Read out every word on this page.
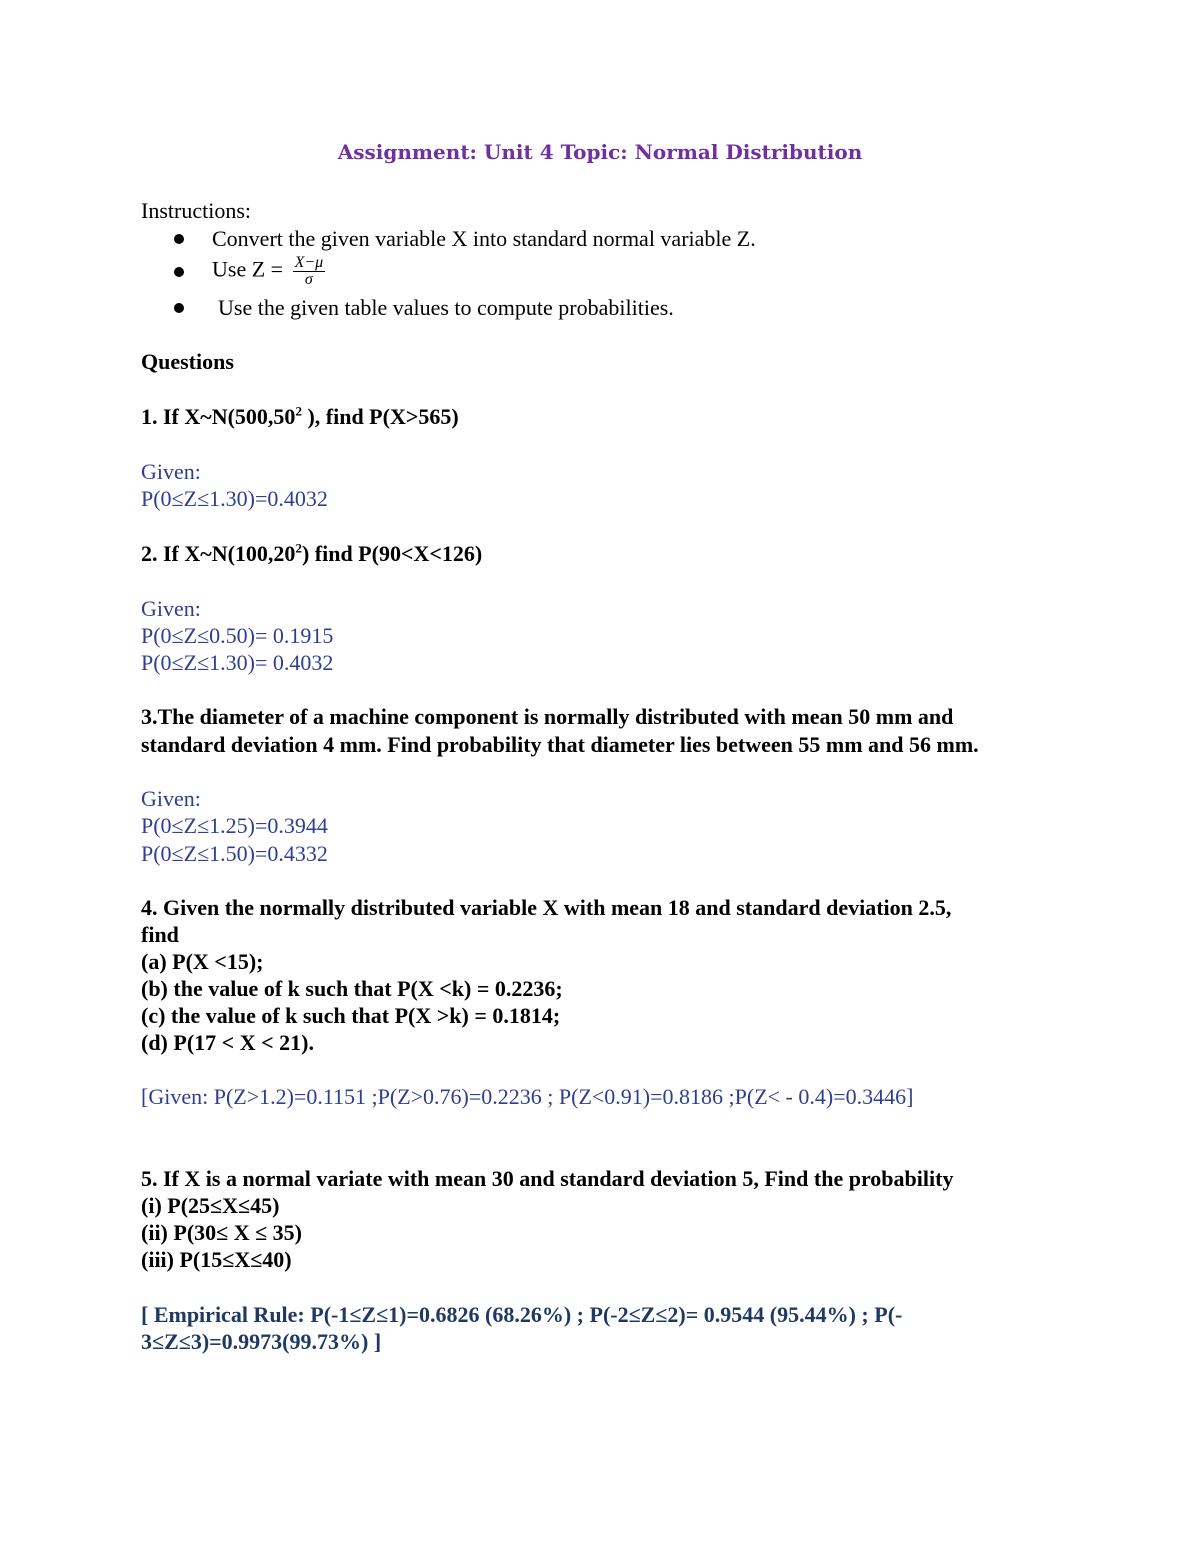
Assignment: Unit 4 Topic: Normal Distribution
Instructions:
Convert the given variable X into standard normal variable Z.
Use $Z = \frac{X-\mu}{\sigma}$
Use the given table values to compute probabilities.
Questions
1. If X~N(500,50$^2$ ), find P(X>565)
Given:
P(0≤Z≤1.30)=0.4032
2. If X~N(100,20$^2$) find P(90<X<126)
Given:
P(0≤Z≤0.50)= 0.1915
P(0≤Z≤1.30)= 0.4032
3.The diameter of a machine component is normally distributed with mean 50 mm and
standard deviation 4 mm. Find probability that diameter lies between 55 mm and 56 mm.
Given:
P(0≤Z≤1.25)=0.3944
P(0≤Z≤1.50)=0.4332
4. Given the normally distributed variable X with mean 18 and standard deviation 2.5,
find
(a) P(X <15);
(b) the value of k such that P(X <k) = 0.2236;
(c) the value of k such that P(X >k) = 0.1814;
(d) P(17 < X < 21).
[Given: P(Z>1.2)=0.1151 ;P(Z>0.76)=0.2236 ; P(Z<0.91)=0.8186 ;P(Z< - 0.4)=0.3446]
5. If X is a normal variate with mean 30 and standard deviation 5, Find the probability
(i) P(25≤X≤45)
(ii) P(30≤ X ≤ 35)
(iii) P(15≤X≤40)
[ Empirical Rule: P(-1≤Z≤1)=0.6826 (68.26%) ; P(-2≤Z≤2)= 0.9544 (95.44%) ; P(-
3≤Z≤3)=0.9973(99.73%) ]
